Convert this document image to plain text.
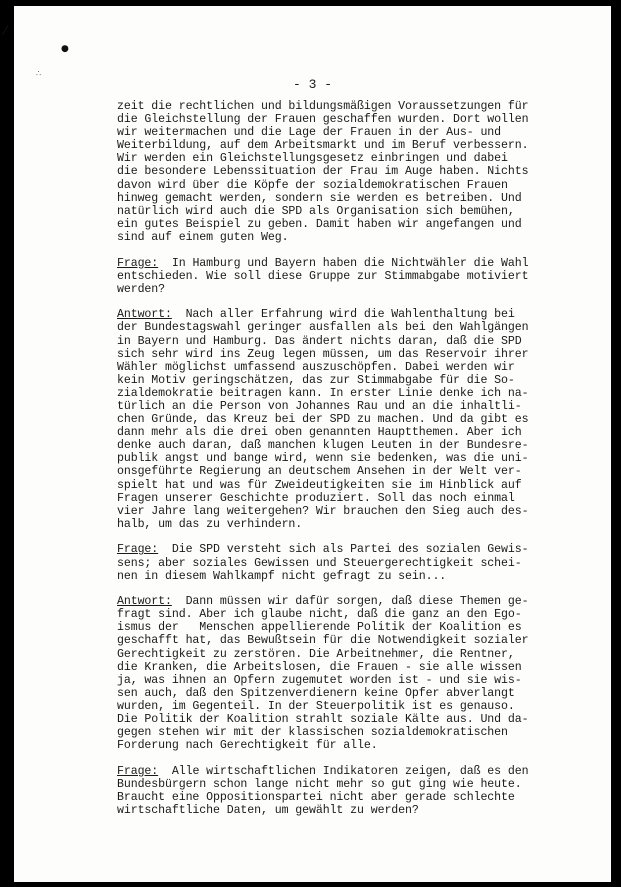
/
●
∴
- 3 -
zeit die rechtlichen und bildungsmäßigen Voraussetzungen für
die Gleichstellung der Frauen geschaffen wurden. Dort wollen
wir weitermachen und die Lage der Frauen in der Aus- und
Weiterbildung, auf dem Arbeitsmarkt und im Beruf verbessern.
Wir werden ein Gleichstellungsgesetz einbringen und dabei
die besondere Lebenssituation der Frau im Auge haben. Nichts
davon wird über die Köpfe der sozialdemokratischen Frauen
hinweg gemacht werden, sondern sie werden es betreiben. Und
natürlich wird auch die SPD als Organisation sich bemühen,
ein gutes Beispiel zu geben. Damit haben wir angefangen und
sind auf einem guten Weg.
Frage:  In Hamburg und Bayern haben die Nichtwähler die Wahl
entschieden. Wie soll diese Gruppe zur Stimmabgabe motiviert
werden?
Antwort:  Nach aller Erfahrung wird die Wahlenthaltung bei
der Bundestagswahl geringer ausfallen als bei den Wahlgängen
in Bayern und Hamburg. Das ändert nichts daran, daß die SPD
sich sehr wird ins Zeug legen müssen, um das Reservoir ihrer
Wähler möglichst umfassend auszuschöpfen. Dabei werden wir
kein Motiv geringschätzen, das zur Stimmabgabe für die So-
zialdemokratie beitragen kann. In erster Linie denke ich na-
türlich an die Person von Johannes Rau und an die inhaltli-
chen Gründe, das Kreuz bei der SPD zu machen. Und da gibt es
dann mehr als die drei oben genannten Hauptthemen. Aber ich
denke auch daran, daß manchen klugen Leuten in der Bundesre-
publik angst und bange wird, wenn sie bedenken, was die uni-
onsgeführte Regierung an deutschem Ansehen in der Welt ver-
spielt hat und was für Zweideutigkeiten sie im Hinblick auf
Fragen unserer Geschichte produziert. Soll das noch einmal
vier Jahre lang weitergehen? Wir brauchen den Sieg auch des-
halb, um das zu verhindern.
Frage:  Die SPD versteht sich als Partei des sozialen Gewis-
sens; aber soziales Gewissen und Steuergerechtigkeit schei-
nen in diesem Wahlkampf nicht gefragt zu sein...
Antwort:  Dann müssen wir dafür sorgen, daß diese Themen ge-
fragt sind. Aber ich glaube nicht, daß die ganz an den Ego-
ismus der   Menschen appellierende Politik der Koalition es
geschafft hat, das Bewußtsein für die Notwendigkeit sozialer
Gerechtigkeit zu zerstören. Die Arbeitnehmer, die Rentner,
die Kranken, die Arbeitslosen, die Frauen - sie alle wissen
ja, was ihnen an Opfern zugemutet worden ist - und sie wis-
sen auch, daß den Spitzenverdienern keine Opfer abverlangt
wurden, im Gegenteil. In der Steuerpolitik ist es genauso.
Die Politik der Koalition strahlt soziale Kälte aus. Und da-
gegen stehen wir mit der klassischen sozialdemokratischen
Forderung nach Gerechtigkeit für alle.
Frage:  Alle wirtschaftlichen Indikatoren zeigen, daß es den
Bundesbürgern schon lange nicht mehr so gut ging wie heute.
Braucht eine Oppositionspartei nicht aber gerade schlechte
wirtschaftliche Daten, um gewählt zu werden?
